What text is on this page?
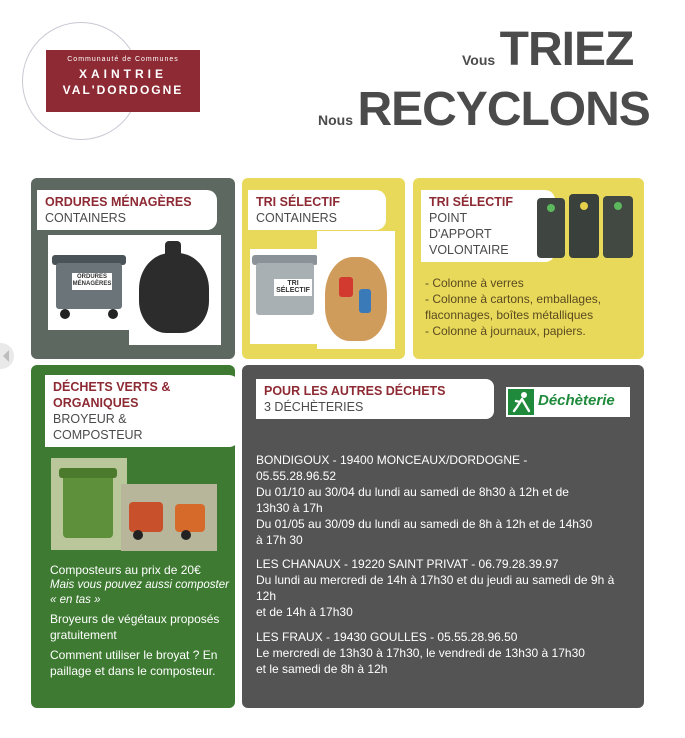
Communauté de Communes
XAINTRIE
VAL'DORDOGNE
Vous TRIEZ
Nous RECYCLONS
ORDURES MÉNAGÈRES
CONTAINERS
ORDURES MÉNAGÈRES
TRI SÉLECTIF
CONTAINERS
TRI SÉLECTIF
TRI SÉLECTIF
POINT
D'APPORT
VOLONTAIRE
- Colonne à verres
- Colonne à cartons, emballages, flaconnages, boîtes métalliques
- Colonne à journaux, papiers.
DÉCHETS VERTS &
ORGANIQUES
BROYEUR &
COMPOSTEUR
Composteurs au prix de 20€
Mais vous pouvez aussi composter « en tas »
Broyeurs de végétaux proposés gratuitement
Comment utiliser le broyat ? En paillage et dans le composteur.
POUR LES AUTRES DÉCHETS
3 DÉCHÈTERIES	Déchèterie
BONDIGOUX - 19400 MONCEAUX/DORDOGNE - 05.55.28.96.52
Du 01/10 au 30/04 du lundi au samedi de 8h30 à 12h et de 13h30 à 17h
Du 01/05 au 30/09 du lundi au samedi de 8h à 12h et de 14h30 à 17h 30
LES CHANAUX - 19220 SAINT PRIVAT - 06.79.28.39.97
Du lundi au mercredi de 14h à 17h30 et du jeudi au samedi de 9h à 12h
et de 14h à 17h30
LES FRAUX - 19430 GOULLES - 05.55.28.96.50
Le mercredi de 13h30 à 17h30, le vendredi de 13h30 à 17h30 et le samedi de 8h à 12h
